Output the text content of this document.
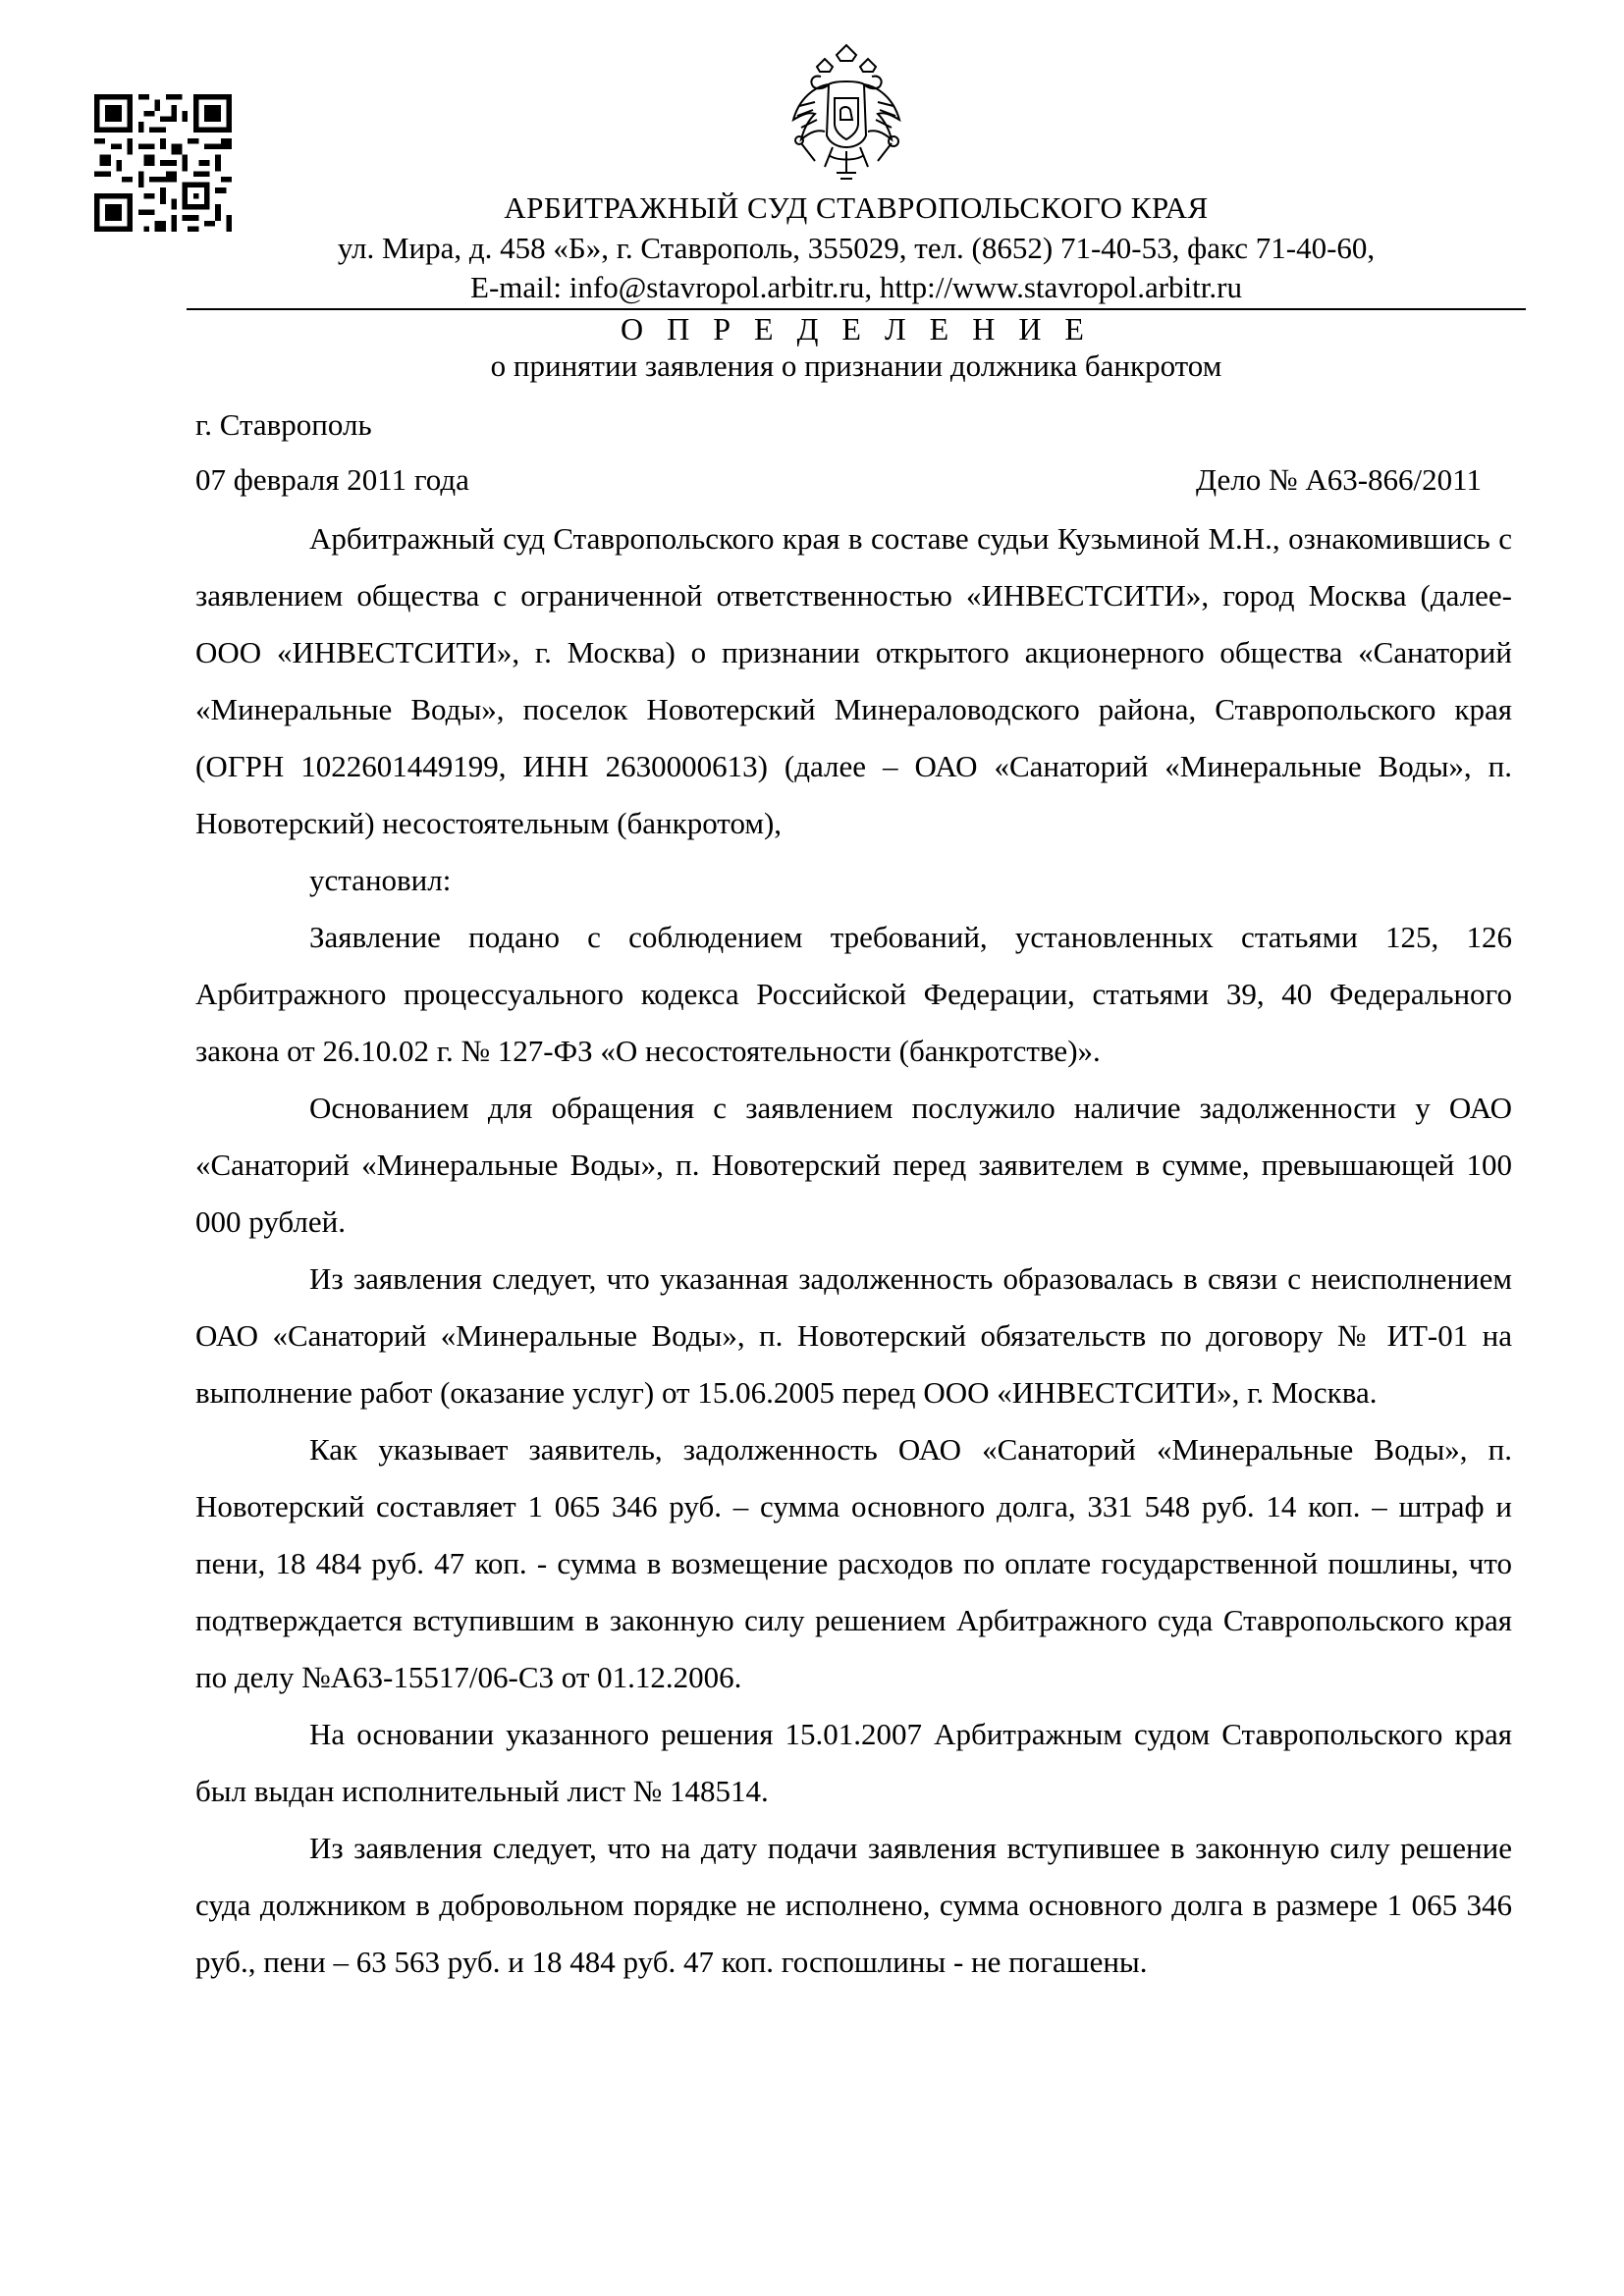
АРБИТРАЖНЫЙ СУД СТАВРОПОЛЬСКОГО КРАЯ
ул. Мира, д. 458 «Б», г. Ставрополь, 355029, тел. (8652) 71-40-53, факс 71-40-60,
E-mail: info@stavropol.arbitr.ru, http://www.stavropol.arbitr.ru
О П Р Е Д Е Л Е Н И Е
о принятии заявления о признании должника банкротом
г. Ставрополь
07 февраля 2011 года	Дело № А63-866/2011

Арбитражный суд Ставропольского края в составе судьи Кузьминой М.Н., ознакомившись с заявлением общества с ограниченной ответственностью «ИНВЕСТСИТИ», город Москва (далее- ООО «ИНВЕСТСИТИ», г. Москва) о признании открытого акционерного общества «Санаторий «Минеральные Воды», поселок Новотерский Минераловодского района, Ставропольского края (ОГРН 1022601449199, ИНН 2630000613) (далее – ОАО «Санаторий «Минеральные Воды», п. Новотерский) несостоятельным (банкротом),

установил:

Заявление подано с соблюдением требований, установленных статьями 125, 126 Арбитражного процессуального кодекса Российской Федерации, статьями 39, 40 Федерального закона от 26.10.02 г. № 127-ФЗ «О несостоятельности (банкротстве)».

Основанием для обращения с заявлением послужило наличие задолженности у ОАО «Санаторий «Минеральные Воды», п. Новотерский перед заявителем в сумме, превышающей 100 000 рублей.

Из заявления следует, что указанная задолженность образовалась в связи с неисполнением ОАО «Санаторий «Минеральные Воды», п. Новотерский обязательств по договору № ИТ-01 на выполнение работ (оказание услуг) от 15.06.2005 перед ООО «ИНВЕСТСИТИ», г. Москва.

Как указывает заявитель, задолженность ОАО «Санаторий «Минеральные Воды», п. Новотерский составляет 1 065 346 руб. – сумма основного долга, 331 548 руб. 14 коп. – штраф и пени, 18 484 руб. 47 коп. - сумма в возмещение расходов по оплате государственной пошлины, что подтверждается вступившим в законную силу решением Арбитражного суда Ставропольского края по делу №А63-15517/06-С3 от 01.12.2006.

На основании указанного решения 15.01.2007 Арбитражным судом Ставропольского края был выдан исполнительный лист № 148514.

Из заявления следует, что на дату подачи заявления вступившее в законную силу решение суда должником в добровольном порядке не исполнено, сумма основного долга в размере 1 065 346 руб., пени – 63 563 руб. и 18 484 руб. 47 коп. госпошлины - не погашены.
